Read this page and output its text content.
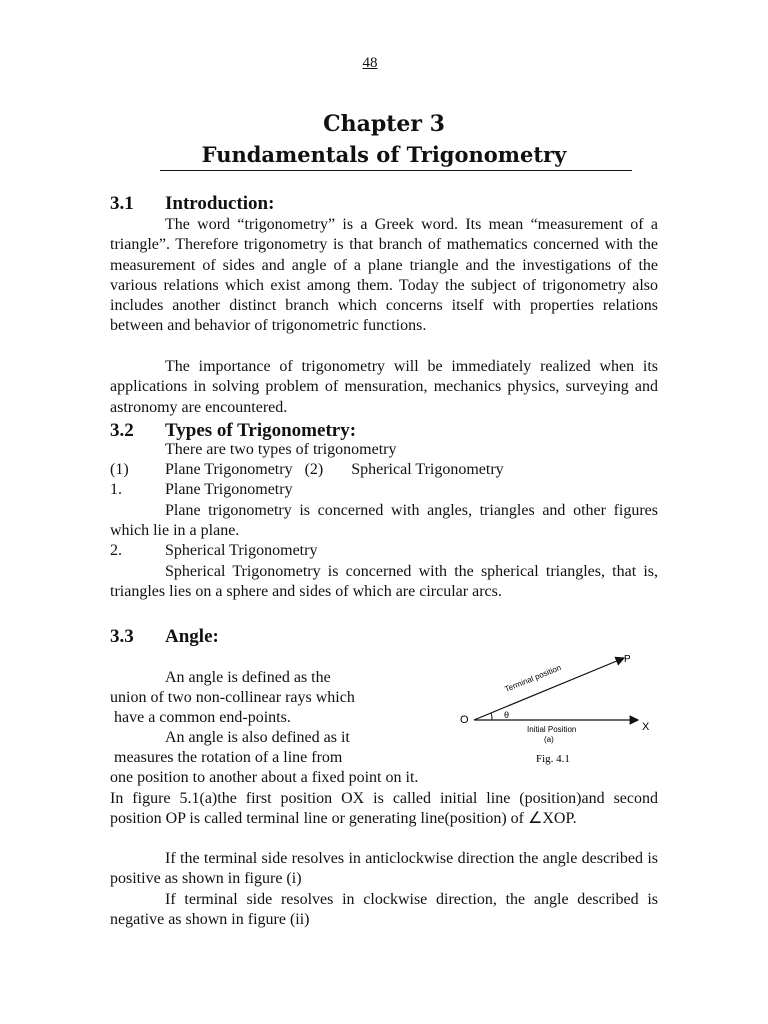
48
Chapter 3
Fundamentals of Trigonometry
3.1 Introduction:

The word “trigonometry” is a Greek word. Its mean “measurement of a triangle”. Therefore trigonometry is that branch of mathematics concerned with the measurement of sides and angle of a plane triangle and the investigations of the various relations which exist among them. Today the subject of trigonometry also includes another distinct branch which concerns itself with properties relations between and behavior of trigonometric functions.

The importance of trigonometry will be immediately realized when its applications in solving problem of mensuration, mechanics physics, surveying and astronomy are encountered.

3.2 Types of Trigonometry:
There are two types of trigonometry
(1) Plane Trigonometry (2) Spherical Trigonometry
1.	Plane Trigonometry

Plane trigonometry is concerned with angles, triangles and other figures which lie in a plane.

2.	Spherical Trigonometry

Spherical Trigonometry is concerned with the spherical triangles, that is, triangles lies on a sphere and sides of which are circular arcs.

3.3 Angle:
An angle is defined as the
union of two non-collinear rays which
have a common end-points.
An angle is also defined as it
measures the rotation of a line from
one position to another about a fixed point on it.

In figure 5.1(a)the first position OX is called initial line (position)and second position OP is called terminal line or generating line(position) of ∠XOP.

If the terminal side resolves in anticlockwise direction the angle described is positive as shown in figure (i)

If terminal side resolves in clockwise direction, the angle described is negative as shown in figure (ii)

O
X
P
θ
Terminal position
Initial Position
(a)
Fig. 4.1
